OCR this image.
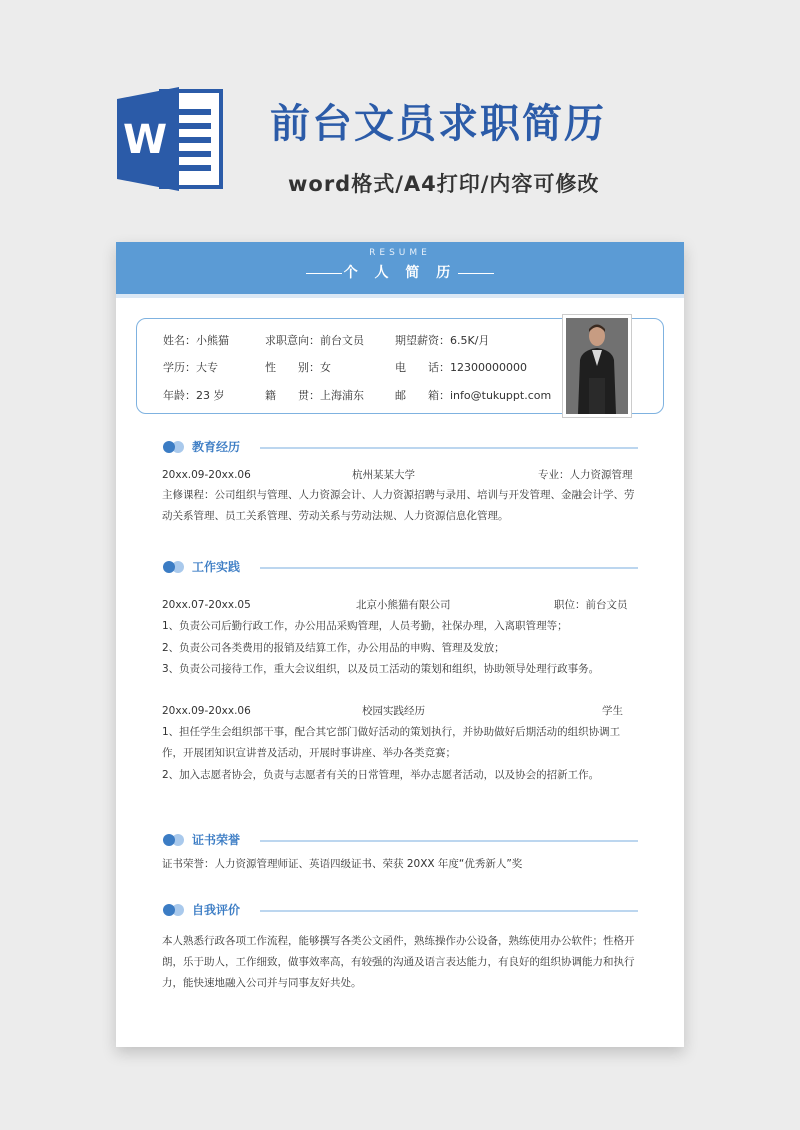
W	前台文员求职简历
word格式/A4打印/内容可修改
RESUME
个 人 简 历
姓名：小熊猫	求职意向：前台文员	期望薪资：6.5K/月
学历：大专	性　　别：女	电　　话：12300000000
年龄：23 岁	籍　　贯：上海浦东	邮　　箱：info@tukuppt.com
教育经历
20xx.09-20xx.06	杭州某某大学	专业：人力资源管理
主修课程：公司组织与管理、人力资源会计、人力资源招聘与录用、培训与开发管理、金融会计学、劳动关系管理、员工关系管理、劳动关系与劳动法规、人力资源信息化管理。
工作实践
20xx.07-20xx.05	北京小熊猫有限公司	职位：前台文员
1、负责公司后勤行政工作，办公用品采购管理，人员考勤，社保办理，入离职管理等；
2、负责公司各类费用的报销及结算工作，办公用品的申购、管理及发放；
3、负责公司接待工作，重大会议组织，以及员工活动的策划和组织，协助领导处理行政事务。
20xx.09-20xx.06	校园实践经历	学生
1、担任学生会组织部干事，配合其它部门做好活动的策划执行，并协助做好后期活动的组织协调工作，开展团知识宣讲普及活动，开展时事讲座、举办各类竞赛；
2、加入志愿者协会，负责与志愿者有关的日常管理，举办志愿者活动，以及协会的招新工作。
证书荣誉
证书荣誉：人力资源管理师证、英语四级证书、荣获 20XX 年度“优秀新人”奖
自我评价
本人熟悉行政各项工作流程，能够撰写各类公文函件，熟练操作办公设备，熟练使用办公软件；性格开朗，乐于助人，工作细致，做事效率高，有较强的沟通及语言表达能力，有良好的组织协调能力和执行力，能快速地融入公司并与同事友好共处。
